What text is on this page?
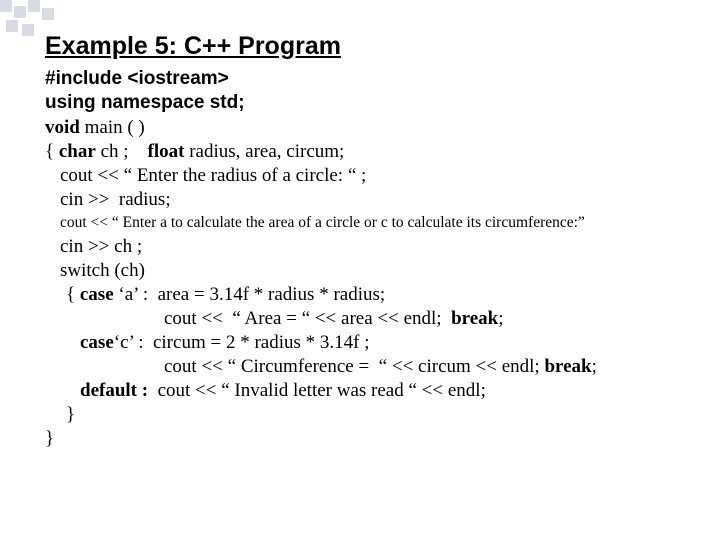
Example 5: C++ Program

#include <iostream>

using namespace std;

void main ( )

{ char ch ;    float radius, area, circum;

cout << “ Enter the radius of a circle: “ ;

cin >>  radius;

cout << “ Enter a to calculate the area of a circle or c to calculate its circumference:”

cin >> ch ;

switch (ch)

{ case ‘a’ :  area = 3.14f * radius * radius;

cout <<  “ Area = “ << area << endl;  break;

case‘c’ :  circum = 2 * radius * 3.14f ;

cout << “ Circumference =  “ << circum << endl; break;

default :  cout << “ Invalid letter was read “ << endl;

}

}
